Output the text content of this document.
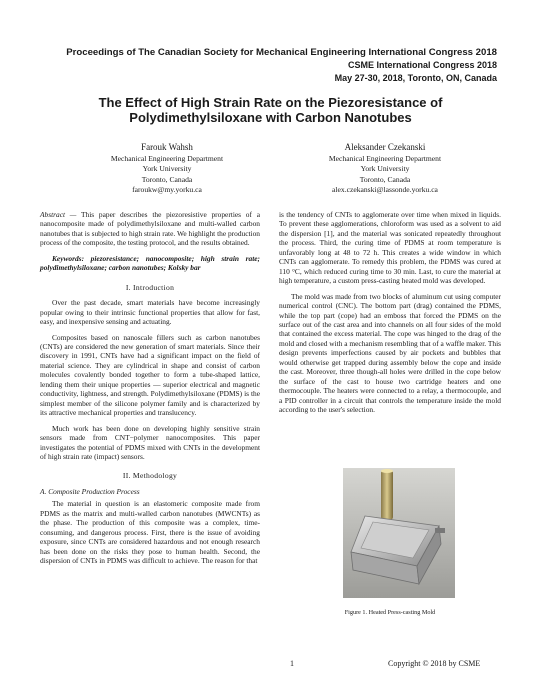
Proceedings of The Canadian Society for Mechanical Engineering International Congress 2018
CSME International Congress 2018
May 27-30, 2018, Toronto, ON, Canada
The Effect of High Strain Rate on the Piezoresistance of
Polydimethylsiloxane with Carbon Nanotubes
Farouk Wahsh
Mechanical Engineering Department
York University
Toronto, Canada
faroukw@my.yorku.ca
Aleksander Czekanski
Mechanical Engineering Department
York University
Toronto, Canada
alex.czekanski@lassonde.yorku.ca

Abstract — This paper describes the piezoresistive properties of a nanocomposite made of polydimethylsiloxane and multi-walled carbon nanotubes that is subjected to high strain rate. We highlight the production process of the composite, the testing protocol, and the results obtained.

Keywords: piezoresistance; nanocomposite; high strain rate; polydimethylsiloxane; carbon nanotubes; Kolsky bar

I. Introduction

Over the past decade, smart materials have become increasingly popular owing to their intrinsic functional properties that allow for fast, easy, and inexpensive sensing and actuating.

Composites based on nanoscale fillers such as carbon nanotubes (CNTs) are considered the new generation of smart materials. Since their discovery in 1991, CNTs have had a significant impact on the field of material science. They are cylindrical in shape and consist of carbon molecules covalently bonded together to form a tube-shaped lattice, lending them their unique properties — superior electrical and magnetic conductivity, lightness, and strength. Polydimethylsiloxane (PDMS) is the simplest member of the silicone polymer family and is characterized by its attractive mechanical properties and translucency.

Much work has been done on developing highly sensitive strain sensors made from CNT−polymer nanocomposites. This paper investigates the potential of PDMS mixed with CNTs in the development of high strain rate (impact) sensors.

II. Methodology
A. Composite Production Process

The material in question is an elastomeric composite made from PDMS as the matrix and multi-walled carbon nanotubes (MWCNTs) as the phase. The production of this composite was a complex, time-consuming, and dangerous process. First, there is the issue of avoiding exposure, since CNTs are considered hazardous and not enough research has been done on the risks they pose to human health. Second, the dispersion of CNTs in PDMS was difficult to achieve. The reason for that

is the tendency of CNTs to agglomerate over time when mixed in liquids. To prevent these agglomerations, chloroform was used as a solvent to aid the dispersion [1], and the material was sonicated repeatedly throughout the process. Third, the curing time of PDMS at room temperature is unfavorably long at 48 to 72 h. This creates a wide window in which CNTs can agglomerate. To remedy this problem, the PDMS was cured at 110 °C, which reduced curing time to 30 min. Last, to cure the material at high temperature, a custom press-casting heated mold was developed.

The mold was made from two blocks of aluminum cut using computer numerical control (CNC). The bottom part (drag) contained the PDMS, while the top part (cope) had an emboss that forced the PDMS on the surface out of the cast area and into channels on all four sides of the mold that contained the excess material. The cope was hinged to the drag of the mold and closed with a mechanism resembling that of a waffle maker. This design prevents imperfections caused by air pockets and bubbles that would otherwise get trapped during assembly below the cope and inside the cast. Moreover, three though-all holes were drilled in the cope below the surface of the cast to house two cartridge heaters and one thermocouple. The heaters were connected to a relay, a thermocouple, and a PID controller in a circuit that controls the temperature inside the mold according to the user's selection.

Figure 1. Heated Press-casting Mold
1	Copyright © 2018 by CSME
